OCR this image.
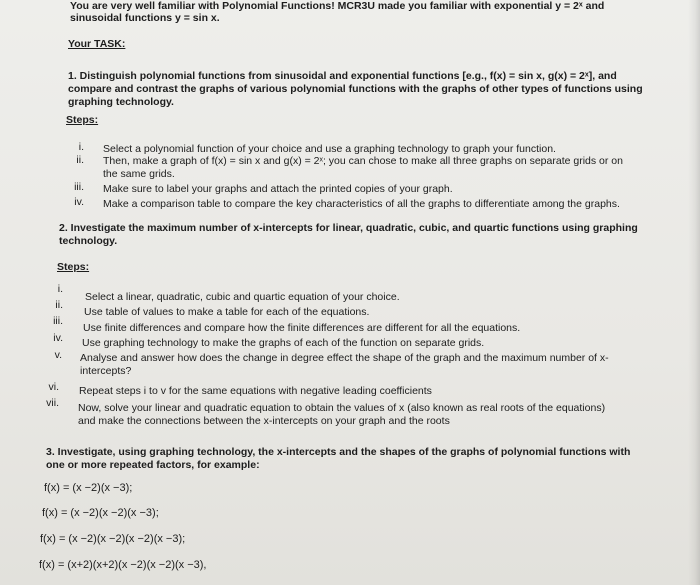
You are very well familiar with Polynomial Functions! MCR3U made you familiar with exponential y = 2ˣ and
sinusoidal functions y = sin x.
Your TASK:
1. Distinguish polynomial functions from sinusoidal and exponential functions [e.g., f(x) = sin x, g(x) = 2ˣ], and
compare and contrast the graphs of various polynomial functions with the graphs of other types of functions using
graphing technology.
Steps:
i. Select a polynomial function of your choice and use a graphing technology to graph your function.
ii. Then, make a graph of f(x) = sin x and g(x) = 2ˣ; you can chose to make all three graphs on separate grids or on
the same grids.
iii. Make sure to label your graphs and attach the printed copies of your graph.
iv. Make a comparison table to compare the key characteristics of all the graphs to differentiate among the graphs.
2. Investigate the maximum number of x-intercepts for linear, quadratic, cubic, and quartic functions using graphing
technology.
Steps:
i.
Select a linear, quadratic, cubic and quartic equation of your choice.
ii.
Use table of values to make a table for each of the equations.
iii.
Use finite differences and compare how the finite differences are different for all the equations.
iv. Use graphing technology to make the graphs of each of the function on separate grids.
v. Analyse and answer how does the change in degree effect the shape of the graph and the maximum number of x-
intercepts?
vi. Repeat steps i to v for the same equations with negative leading coefficients
vii. Now, solve your linear and quadratic equation to obtain the values of x (also known as real roots of the equations)
and make the connections between the x-intercepts on your graph and the roots
3. Investigate, using graphing technology, the x-intercepts and the shapes of the graphs of polynomial functions with
one or more repeated factors, for example:
f(x) = (x −2)(x −3);
f(x) = (x −2)(x −2)(x −3);
f(x) = (x −2)(x −2)(x −2)(x −3);
f(x) = (x+2)(x+2)(x −2)(x −2)(x −3),
